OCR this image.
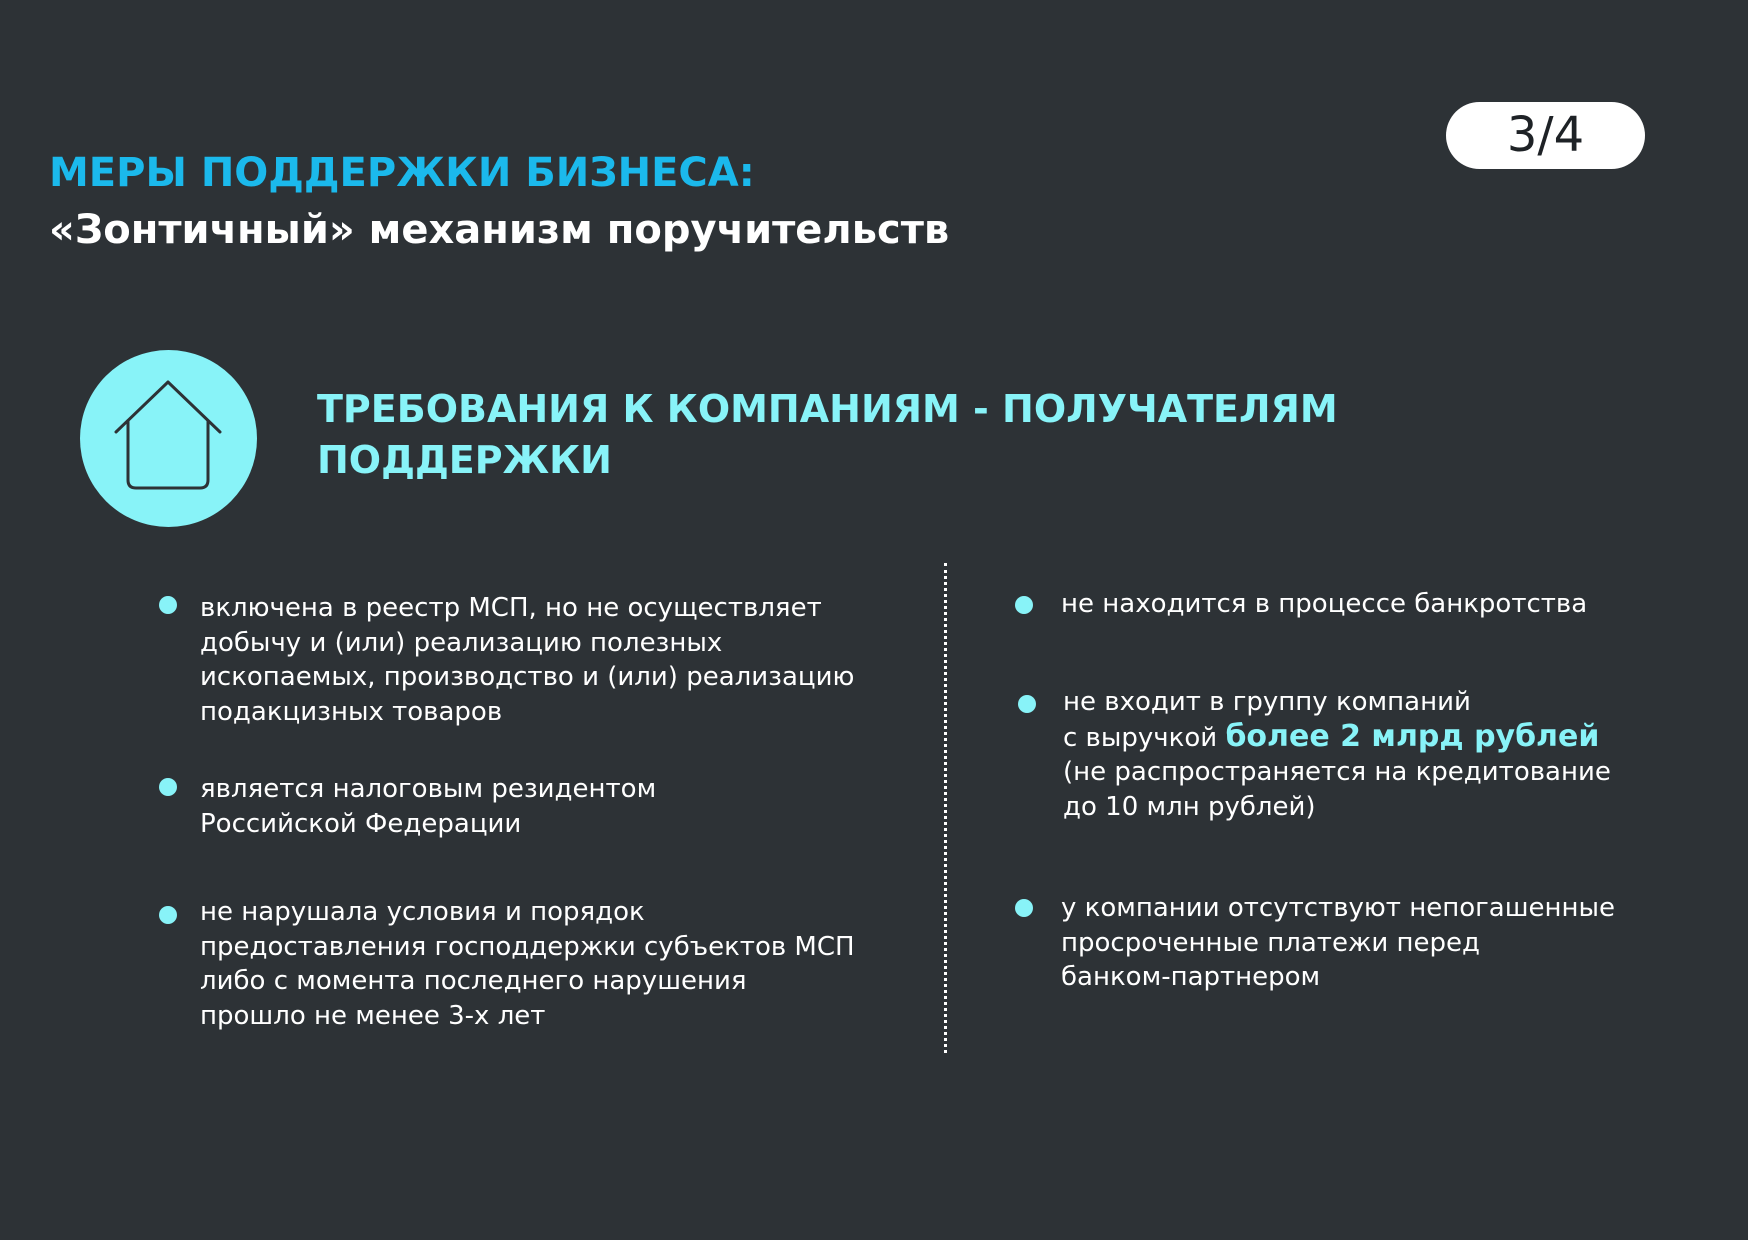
3/4
МЕРЫ ПОДДЕРЖКИ БИЗНЕСА:
«Зонтичный» механизм поручительств
ТРЕБОВАНИЯ К КОМПАНИЯМ - ПОЛУЧАТЕЛЯМ
ПОДДЕРЖКИ

включена в реестр МСП, но не осуществляет
добычу и (или) реализацию полезных
ископаемых, производство и (или) реализацию
подакцизных товаров

является налоговым резидентом
Российской Федерации

не нарушала условия и порядок
предоставления господдержки субъектов МСП
либо с момента последнего нарушения
прошло не менее 3-х лет

не находится в процессе банкротства

не входит в группу компаний
с выручкой более 2 млрд рублей
(не распространяется на кредитование
до 10 млн рублей)

у компании отсутствуют непогашенные
просроченные платежи перед
банком-партнером
